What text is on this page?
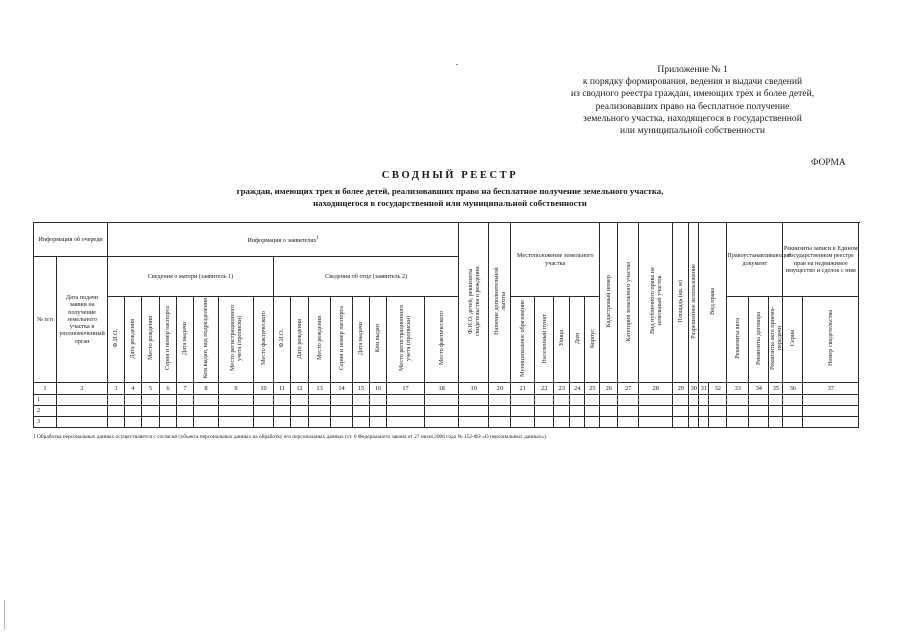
Приложение № 1
к порядку формирования, ведения и выдачи сведений
из сводного реестра граждан, имеющих трех и более детей,
реализовавших право на бесплатное получение
земельного участка, находящегося в государственной
или муниципальной собственности
ФОРМА
СВОДНЫЙ РЕЕСТР
граждан, имеющих трех и более детей, реализовавших право на бесплатное получение земельного участка,
находящегося в государственной или муниципальной собственности
Информация об очереди		Информация о заявителях$^1$																Ф.И.О. детей, реквизиты свидетельства о рождении	Наличие дополнительной льготы	Местоположение земельного участка					Кадастровый номер	Категория земельного участка	Вид публичного права на земельный участок	Площадь (кв. м)	Разрешенное использование	Вид права		Правоустанавливающий документ			Реквизиты записи в Едином государственном реестре прав на недвижимое имущество и сделок с ним		
№ п/п	Дата подачи заявки на получение земельного участка в уполномоченный орган	Сведения о матери (заявитель 1)								Сведения об отце (заявитель 2)																											
		Ф.И.О.	Дата рождения	Место рождения	Серия и номер паспорта	Дата выдачи	Кем выдан, код подразделения	Место регистрационного учета (прописки)	Место фактического	Ф.И.О.	Дата рождения	Место рождения	Серия и номер паспорта	Дата выдачи	Кем выдан	Место регистрационного учета (прописки)	Место фактического			Муниципальное образование	Населенный пункт	Улица	Дом	Корпус								Реквизиты акта	Реквизиты договора	Реквизиты акта приема-передачи	Серия	Номер свидетельства	
1	2	3	4	5	6	7	8	9	10	11	12	13	14	15	16	17	18	19	20	21	22	23	24	25	26	27	28	29	30	31	32	33	34	35	36	37	
1																																					
2																																					
3																																					
1 Обработка персональных данных осуществляется с согласия субъекта персональных данных на обработку его персональных данных (ст. 6 Федерального закона от 27 июля 2006 года № 152-ФЗ «О персональных данных»).
